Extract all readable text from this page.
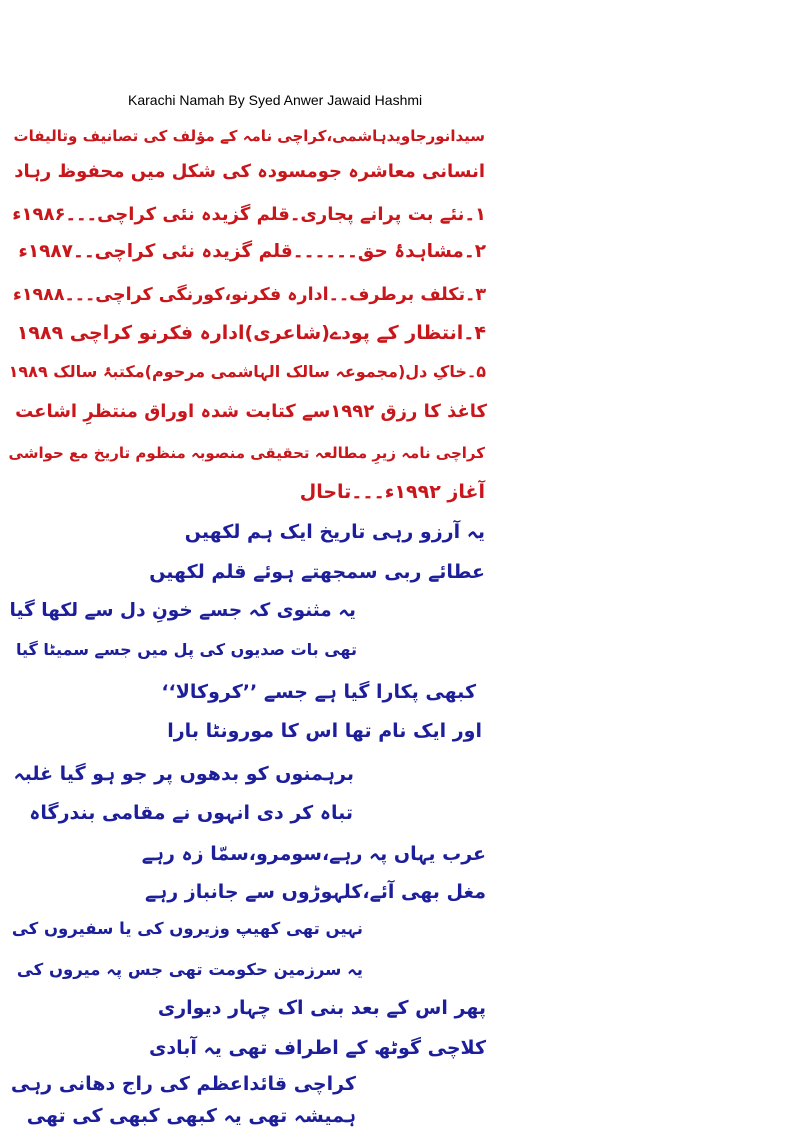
Karachi Namah By Syed Anwer Jawaid Hashmi
سیدانورجاویدہاشمی،کراچی نامہ کے مؤلف کی تصانیف وتالیفات
انسانی معاشرہ جومسودہ کی شکل میں محفوظ رہاد
۱۔نئے بت پرانے پجاری۔قلم گزیدہ نئی کراچی۔۔۔۱۹۸۶ء
۲۔مشاہدۂ حق۔۔۔۔۔۔قلم گزیدہ نئی کراچی۔۔۱۹۸۷ء
۳۔تکلف برطرف۔۔ادارہ فکرنو،کورنگی کراچی۔۔۔۱۹۸۸ء
۴۔انتظار کے پودے(شاعری)ادارہ فکرنو کراچی ۱۹۸۹
۵۔خاکِ دل(مجموعہ سالک الہاشمی مرحوم)مکتبۂ سالک ۱۹۸۹
کاغذ کا رزق ۱۹۹۲سے کتابت شدہ اوراق منتظرِ اشاعت
کراچی نامہ زیرِ مطالعہ تحقیقی منصوبہ منظوم تاریخ مع حواشی
آغاز ۱۹۹۲ء۔۔۔تاحال
یہ آرزو رہی تاریخ ایک ہم لکھیں
عطائے ربی سمجھتے ہوئے قلم لکھیں
یہ مثنوی کہ جسے خونِ دل سے لکھا گیا
تھی بات صدیوں کی پل میں جسے سمیٹا گیا
کبھی پکارا گیا ہے جسے ’’کروکالا‘‘
اور ایک نام تھا اس کا مورونٹا بارا
برہمنوں کو بدھوں پر جو ہو گیا غلبہ
تباہ کر دی انہوں نے مقامی بندرگاہ
عرب یہاں پہ رہے،سومرو،سمّا زہ رہے
مغل بھی آئے،کلہوڑوں سے جانباز رہے
نہیں تھی کھیپ وزیروں کی یا سفیروں کی
یہ سرزمین حکومت تھی جس پہ میروں کی
پھر اس کے بعد بنی اک چہار دیواری
کلاچی گوٹھ کے اطراف تھی یہ آبادی
کراچی قائداعظم کی راج دھانی رہی
ہمیشہ تھی یہ کبھی کبھی کی تھی
